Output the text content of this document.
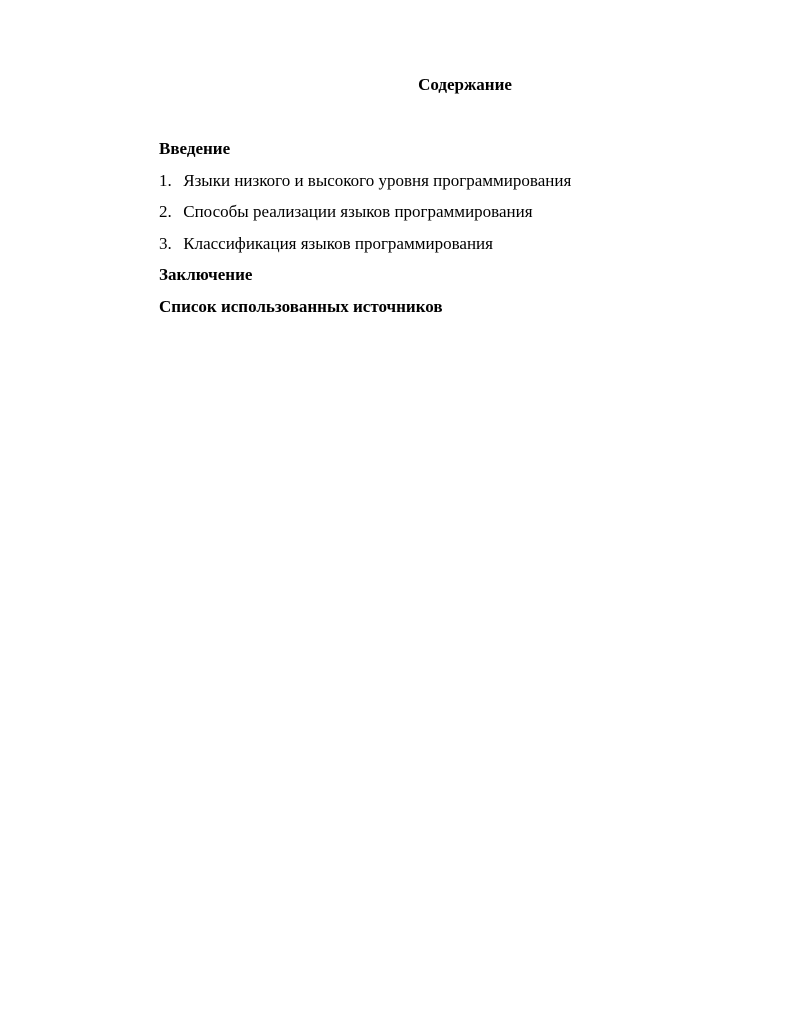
Содержание
Введение
1. Языки низкого и высокого уровня программирования
2. Способы реализации языков программирования
3. Классификация языков программирования
Заключение
Список использованных источников
